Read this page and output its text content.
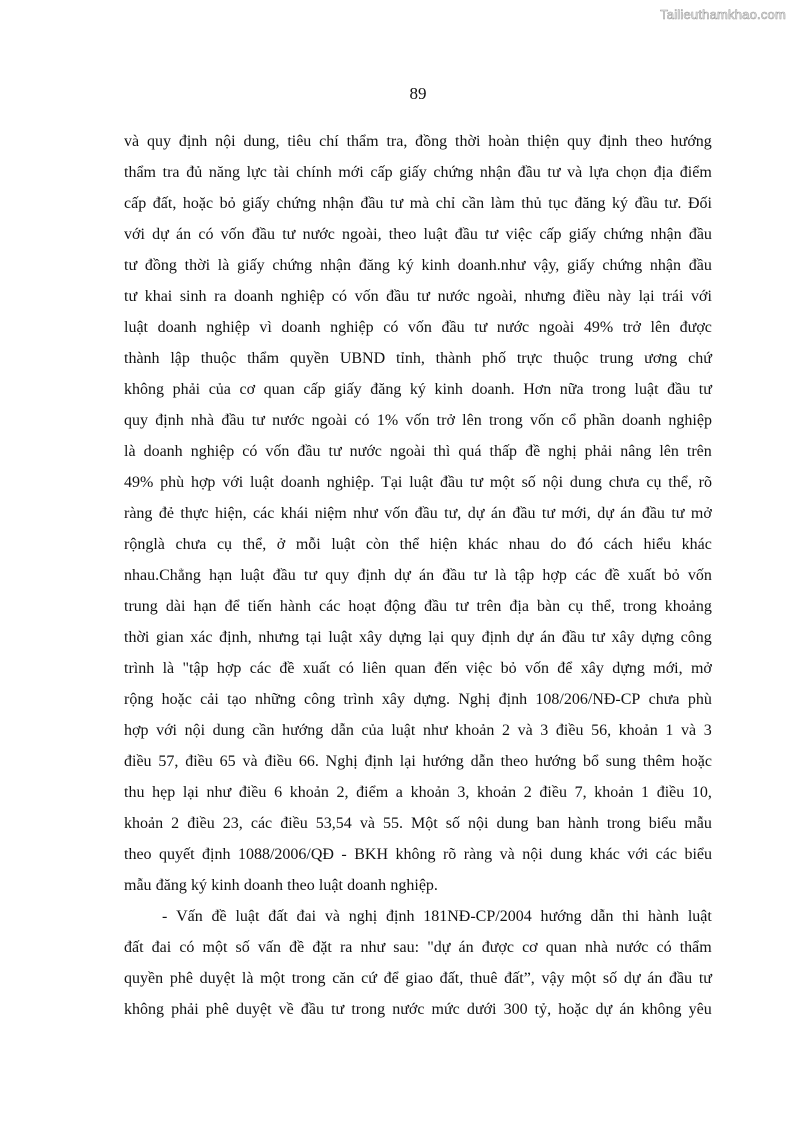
Tailieuthamkhao.com
89
và quy định nội dung, tiêu chí thẩm tra, đồng thời hoàn thiện quy định theo hướng
thẩm tra đủ năng lực tài chính mới cấp giấy chứng nhận đầu tư và lựa chọn địa điểm
cấp đất, hoặc bỏ giấy chứng nhận đầu tư mà chỉ cần làm thủ tục đăng ký đầu tư. Đối
với dự án có vốn đầu tư nước ngoài, theo luật đầu tư việc cấp giấy chứng nhận đầu
tư đồng thời là giấy chứng nhận đăng ký kinh doanh.như vậy, giấy chứng nhận đầu
tư khai sinh ra doanh nghiệp có vốn đầu tư nước ngoài, nhưng điều này lại trái với
luật doanh nghiệp vì doanh nghiệp có vốn đầu tư nước ngoài 49% trở lên được
thành lập thuộc thẩm quyền UBND tỉnh, thành phố trực thuộc trung ương chứ
không phải của cơ quan cấp giấy đăng ký kinh doanh. Hơn nữa trong luật đầu tư
quy định nhà đầu tư nước ngoài có 1% vốn trở lên trong vốn cổ phần doanh nghiệp
là doanh nghiệp có vốn đầu tư nước ngoài thì quá thấp đề nghị phải nâng lên trên
49% phù hợp với luật doanh nghiệp. Tại luật đầu tư một số nội dung chưa cụ thể, rõ
ràng đẻ thực hiện, các khái niệm như vốn đầu tư, dự án đầu tư mới, dự án đầu tư mở
rộnglà chưa cụ thể, ở mỗi luật còn thể hiện khác nhau do đó cách hiểu khác
nhau.Chẳng hạn luật đầu tư quy định dự án đầu tư là tập hợp các đề xuất bỏ vốn
trung dài hạn để tiến hành các hoạt động đầu tư trên địa bàn cụ thể, trong khoảng
thời gian xác định, nhưng tại luật xây dựng lại quy định dự án đầu tư xây dựng công
trình là "tập hợp các đề xuất có liên quan đến việc bỏ vốn để xây dựng mới, mở
rộng hoặc cải tạo những công trình xây dựng. Nghị định 108/206/NĐ-CP chưa phù
hợp với nội dung cần hướng dẫn của luật như khoản 2 và 3 điều 56, khoản 1 và 3
điều 57, điều 65 và điều 66. Nghị định lại hướng dẫn theo hướng bổ sung thêm hoặc
thu hẹp lại như điều 6 khoản 2, điểm a khoản 3, khoản 2 điều 7, khoản 1 điều 10,
khoản 2 điều 23, các điều 53,54 và 55. Một số nội dung ban hành trong biểu mẫu
theo quyết định 1088/2006/QĐ - BKH không rõ ràng và nội dung khác với các biểu
mẫu đăng ký kinh doanh theo luật doanh nghiệp.
- Vấn đề luật đất đai và nghị định 181NĐ-CP/2004 hướng dẫn thi hành luật
đất đai có một số vấn đề đặt ra như sau: "dự án được cơ quan nhà nước có thẩm
quyền phê duyệt là một trong căn cứ để giao đất, thuê đất”, vậy một số dự án đầu tư
không phải phê duyệt về đầu tư trong nước mức dưới 300 tỷ, hoặc dự án không yêu
